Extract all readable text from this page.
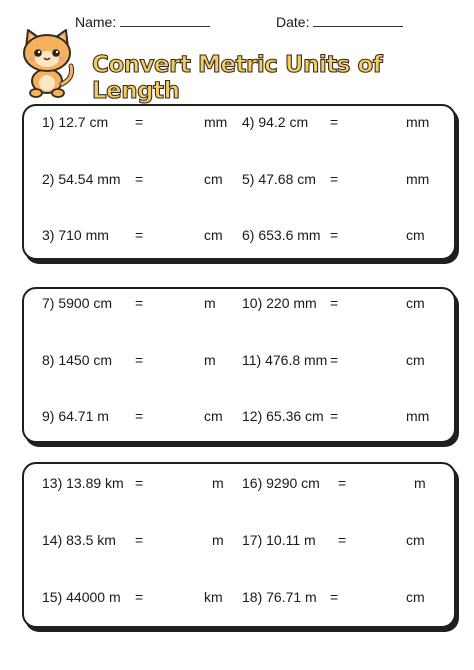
Name:	Date:
Convert Metric Units of Length
1) 12.7 cm =	mm 4) 94.2 cm =	mm
2) 54.54 mm =	cm 5) 47.68 cm =	mm
3) 710 mm =	cm 6) 653.6 mm =	cm
7) 5900 cm =	m 10) 220 mm =	cm
8) 1450 cm =	m 11) 476.8 mm =	cm
9) 64.71 m =	cm 12) 65.36 cm =	mm
13) 13.89 km =	m 16) 9290 cm =	m
14) 83.5 km =	m 17) 10.11 m =	cm
15) 44000 m =	km 18) 76.71 m =	cm
